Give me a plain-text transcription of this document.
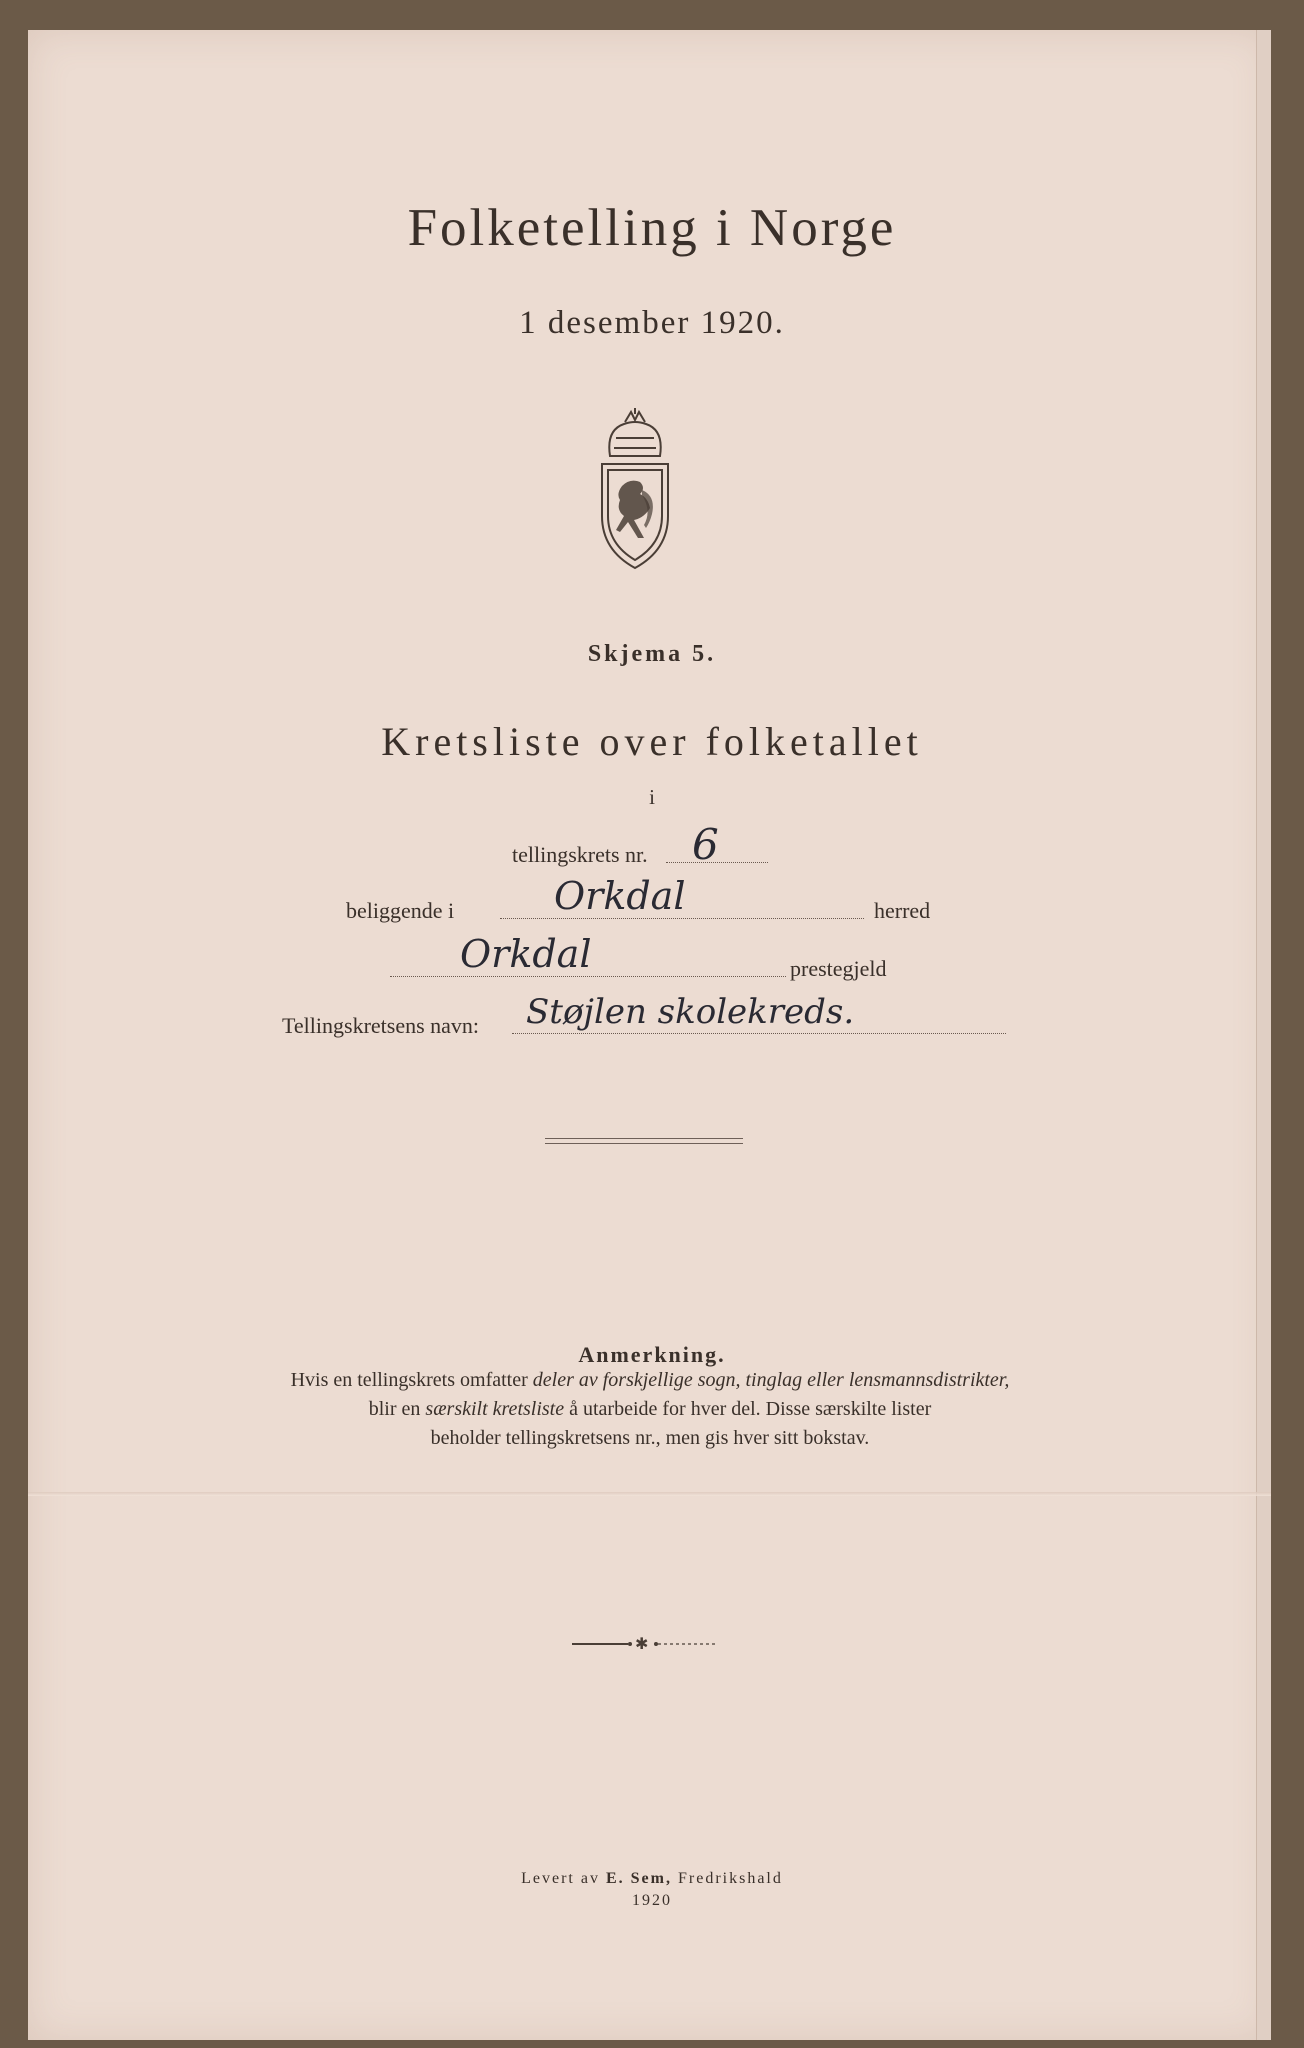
Folketelling i Norge
1 desember 1920.
Skjema 5.
Kretsliste over folketallet
i
tellingskrets nr. 6
beliggende i	Orkdal	herred
Orkdal	prestegjeld
Tellingskretsens navn: Støjlen skolekreds.
Anmerkning.
Hvis en tellingskrets omfatter deler av forskjellige sogn, tinglag eller lensmannsdistrikter,
blir en særskilt kretsliste å utarbeide for hver del. Disse særskilte lister
beholder tellingskretsens nr., men gis hver sitt bokstav.
✱
Levert av E. Sem, Fredrikshald
1920
